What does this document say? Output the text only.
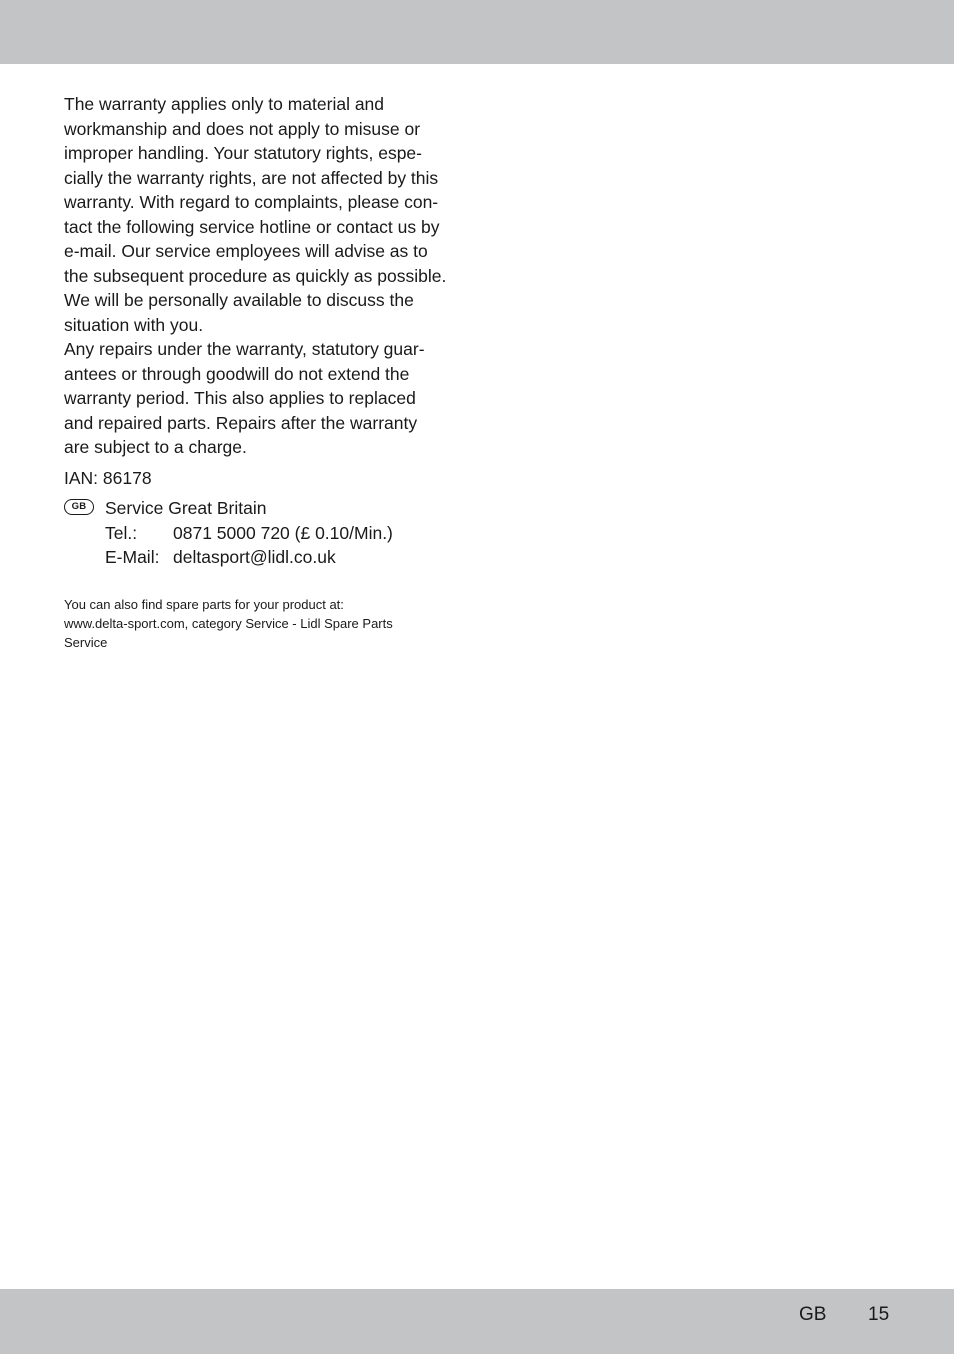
The warranty applies only to material and
workmanship and does not apply to misuse or
improper handling. Your statutory rights, espe-
cially the warranty rights, are not affected by this
warranty. With regard to complaints, please con-
tact the following service hotline or contact us by
e-mail. Our service employees will advise as to
the subsequent procedure as quickly as possible.
We will be personally available to discuss the
situation with you.
Any repairs under the warranty, statutory guar-
antees or through goodwill do not extend the
warranty period. This also applies to replaced
and repaired parts. Repairs after the warranty
are subject to a charge.

IAN: 86178

GB	Service Great Britain
Tel.:	0871 5000 720 (£ 0.10/Min.)
E-Mail: deltasport@lidl.co.uk
You can also find spare parts for your product at:
www.delta-sport.com, category Service - Lidl Spare Parts
Service
GB 15
